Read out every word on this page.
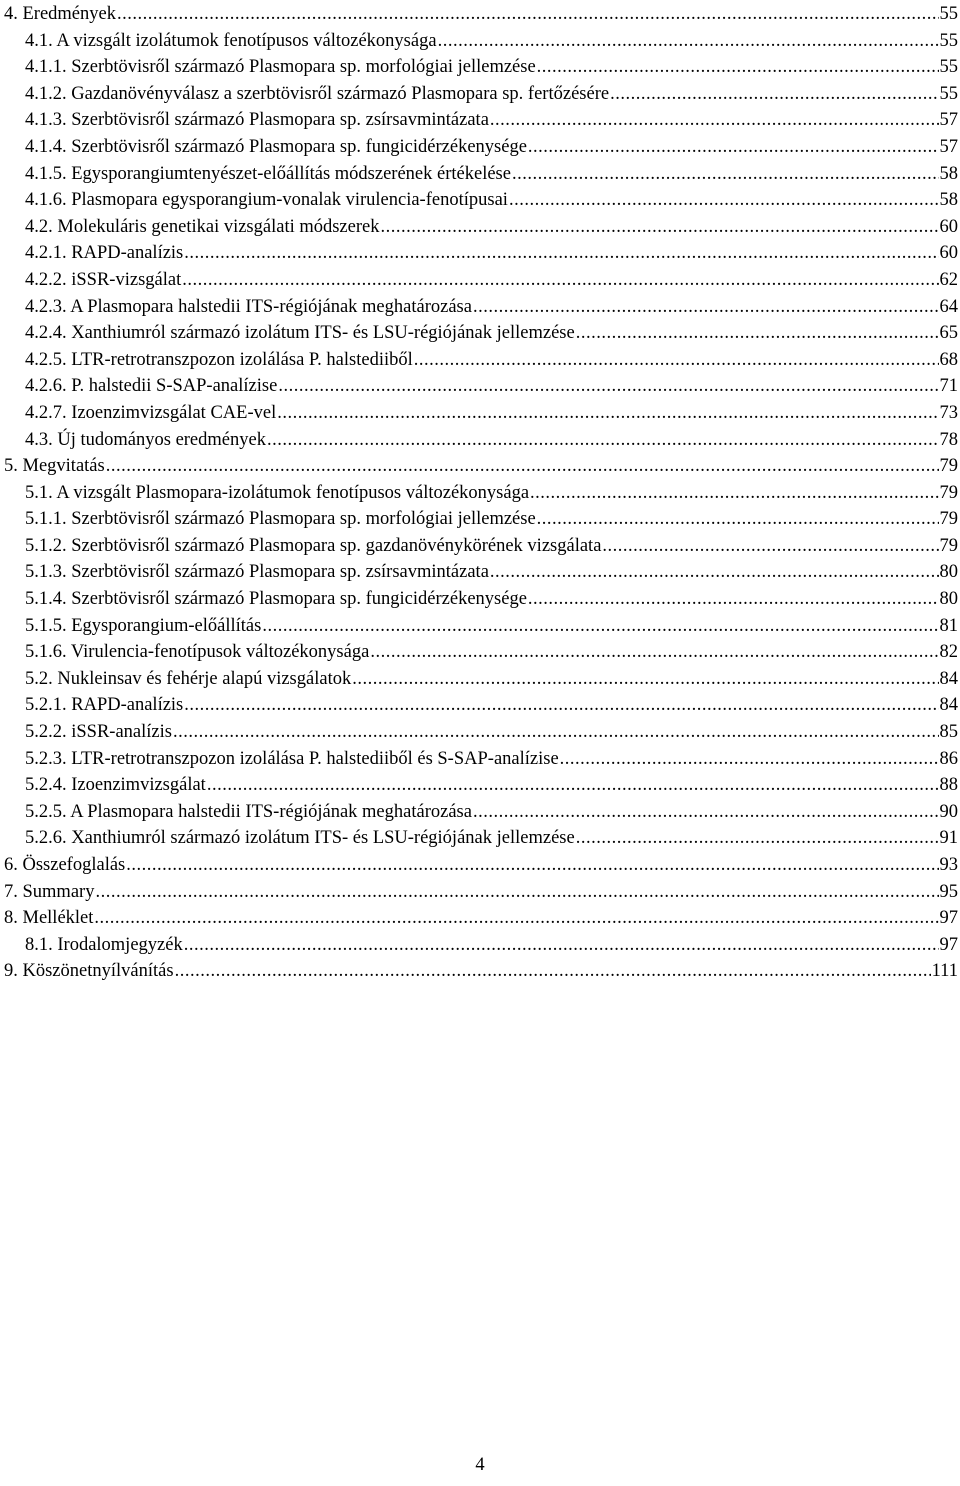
4. Eredmények .....	55
4.1. A vizsgált izolátumok fenotípusos változékonysága .....	55
4.1.1. Szerbtövisről származó Plasmopara sp. morfológiai jellemzése .....	55
4.1.2. Gazdanövényválasz a szerbtövisről származó Plasmopara sp. fertőzésére .....	55
4.1.3. Szerbtövisről származó Plasmopara sp. zsírsavmintázata .....	57
4.1.4. Szerbtövisről származó Plasmopara sp. fungicidérzékenysége .....	57
4.1.5. Egysporangiumtenyészet-előállítás módszerének értékelése .....	58
4.1.6. Plasmopara egysporangium-vonalak virulencia-fenotípusai .....	58
4.2. Molekuláris genetikai vizsgálati módszerek .....	60
4.2.1. RAPD-analízis .....	60
4.2.2. iSSR-vizsgálat .....	62
4.2.3. A Plasmopara halstedii ITS-régiójának meghatározása .....	64
4.2.4. Xanthiumról származó izolátum ITS- és LSU-régiójának jellemzése .....	65
4.2.5. LTR-retrotranszpozon izolálása P. halstediiből .....	68
4.2.6. P. halstedii S-SAP-analízise .....	71
4.2.7. Izoenzimvizsgálat CAE-vel .....	73
4.3. Új tudományos eredmények .....	78
5. Megvitatás .....	79
5.1. A vizsgált Plasmopara-izolátumok fenotípusos változékonysága .....	79
5.1.1. Szerbtövisről származó Plasmopara sp. morfológiai jellemzése .....	79
5.1.2. Szerbtövisről származó Plasmopara sp. gazdanövénykörének vizsgálata .....	79
5.1.3. Szerbtövisről származó Plasmopara sp. zsírsavmintázata .....	80
5.1.4. Szerbtövisről származó Plasmopara sp. fungicidérzékenysége .....	80
5.1.5. Egysporangium-előállítás .....	81
5.1.6. Virulencia-fenotípusok változékonysága .....	82
5.2. Nukleinsav és fehérje alapú vizsgálatok .....	84
5.2.1. RAPD-analízis .....	84
5.2.2. iSSR-analízis .....	85
5.2.3. LTR-retrotranszpozon izolálása P. halstediiből és S-SAP-analízise .....	86
5.2.4. Izoenzimvizsgálat .....	88
5.2.5. A Plasmopara halstedii ITS-régiójának meghatározása .....	90
5.2.6. Xanthiumról származó izolátum ITS- és LSU-régiójának jellemzése .....	91
6. Összefoglalás .....	93
7. Summary .....	95
8. Melléklet .....	97
8.1. Irodalomjegyzék .....	97
9. Köszönetnyílvánítás .....	111
4
